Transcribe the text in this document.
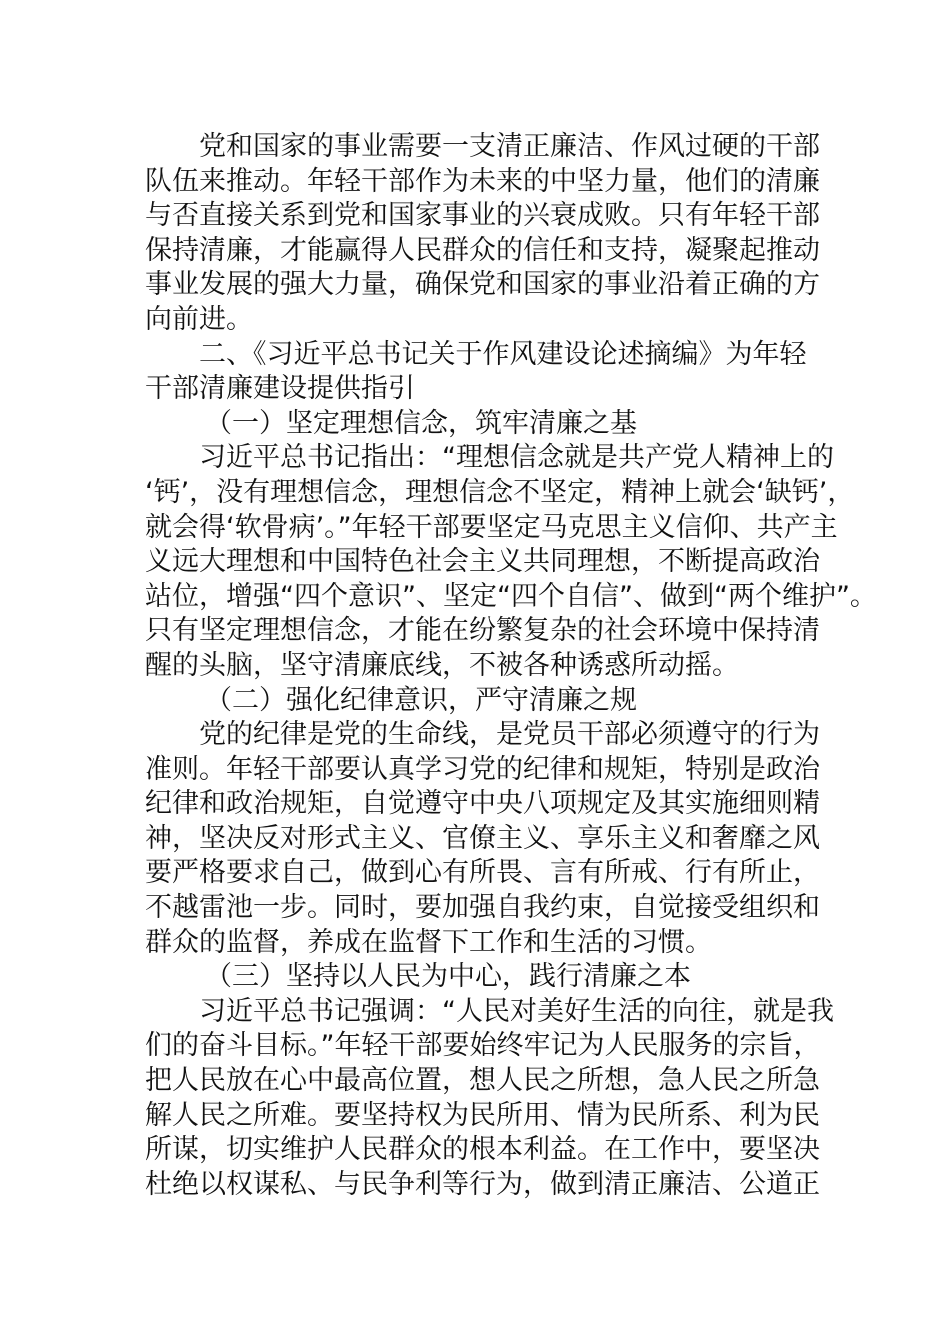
党和国家的事业需要一支清正廉洁、作风过硬的干部
队伍来推动。年轻干部作为未来的中坚力量，他们的清廉
与否直接关系到党和国家事业的兴衰成败。只有年轻干部
保持清廉，才能赢得人民群众的信任和支持，凝聚起推动
事业发展的强大力量，确保党和国家的事业沿着正确的方
向前进。
二、《习近平总书记关于作风建设论述摘编》为年轻
干部清廉建设提供指引
（一）坚定理想信念，筑牢清廉之基
习近平总书记指出：“理想信念就是共产党人精神上的
‘钙’，没有理想信念，理想信念不坚定，精神上就会‘缺钙’，
就会得‘软骨病’。”年轻干部要坚定马克思主义信仰、共产主
义远大理想和中国特色社会主义共同理想，不断提高政治
站位，增强“四个意识”、坚定“四个自信”、做到“两个维护”。
只有坚定理想信念，才能在纷繁复杂的社会环境中保持清
醒的头脑，坚守清廉底线，不被各种诱惑所动摇。
（二）强化纪律意识，严守清廉之规
党的纪律是党的生命线，是党员干部必须遵守的行为
准则。年轻干部要认真学习党的纪律和规矩，特别是政治
纪律和政治规矩，自觉遵守中央八项规定及其实施细则精
神，坚决反对形式主义、官僚主义、享乐主义和奢靡之风
要严格要求自己，做到心有所畏、言有所戒、行有所止，
不越雷池一步。同时，要加强自我约束，自觉接受组织和
群众的监督，养成在监督下工作和生活的习惯。
（三）坚持以人民为中心，践行清廉之本
习近平总书记强调：“人民对美好生活的向往，就是我
们的奋斗目标。”年轻干部要始终牢记为人民服务的宗旨，
把人民放在心中最高位置，想人民之所想，急人民之所急
解人民之所难。要坚持权为民所用、情为民所系、利为民
所谋，切实维护人民群众的根本利益。在工作中，要坚决
杜绝以权谋私、与民争利等行为，做到清正廉洁、公道正
